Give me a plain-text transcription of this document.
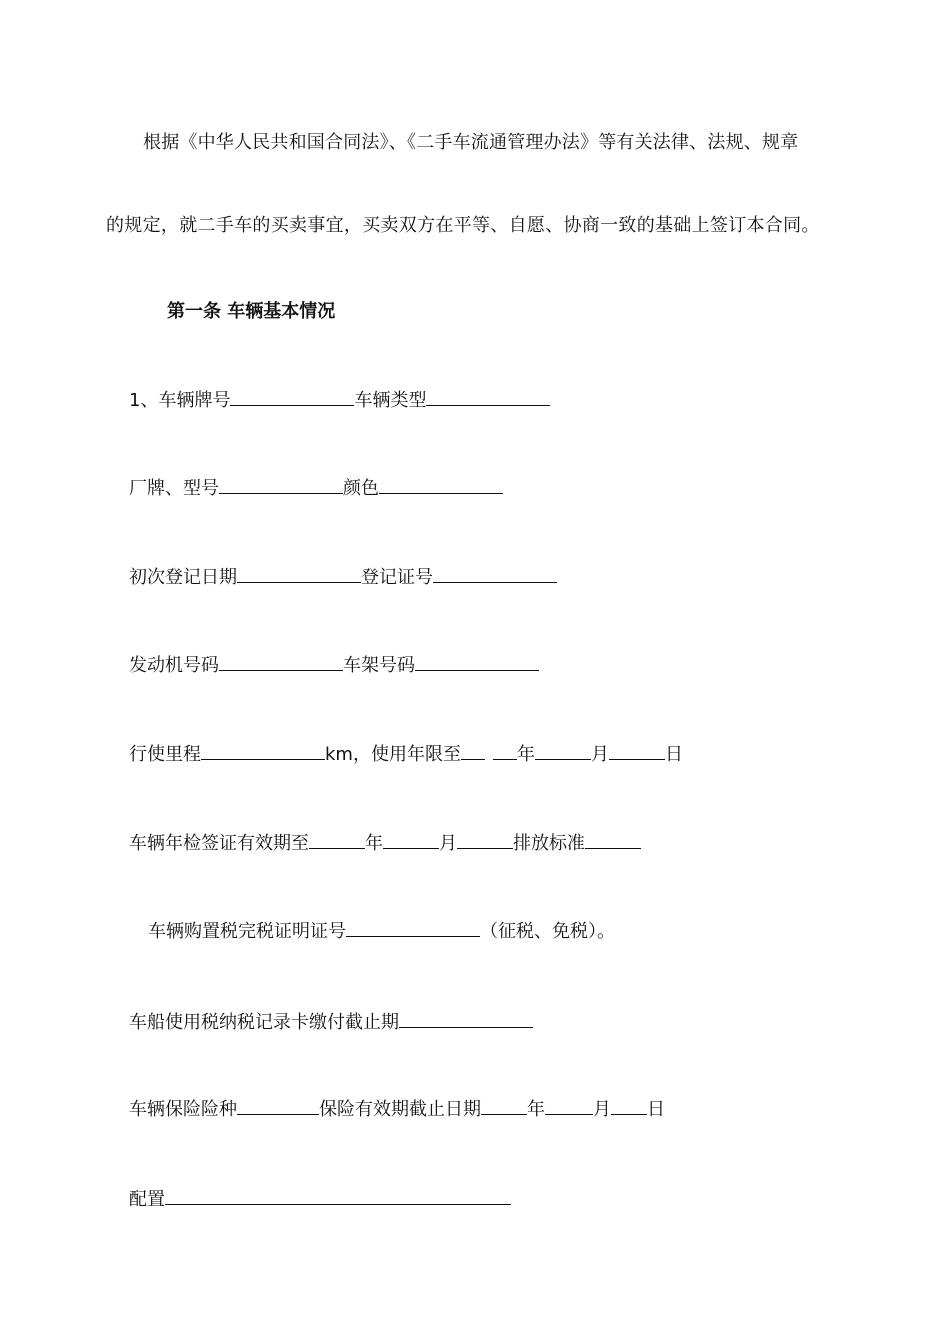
根据《中华人民共和国合同法》、《二手车流通管理办法》等有关法律、法规、规章

的规定，就二手车的买卖事宜，买卖双方在平等、自愿、协商一致的基础上签订本合同。

第一条 车辆基本情况

1、车辆牌号	车辆类型
厂牌、型号	颜色
初次登记日期	登记证号
发动机号码	车架号码
行使里程	km，使用年限至	年	月	日
车辆年检签证有效期至	年	月	排放标准
车辆购置税完税证明证号	（征税、免税）。
车船使用税纳税记录卡缴付截止期
车辆保险险种	保险有效期截止日期	年	月 日
配置
